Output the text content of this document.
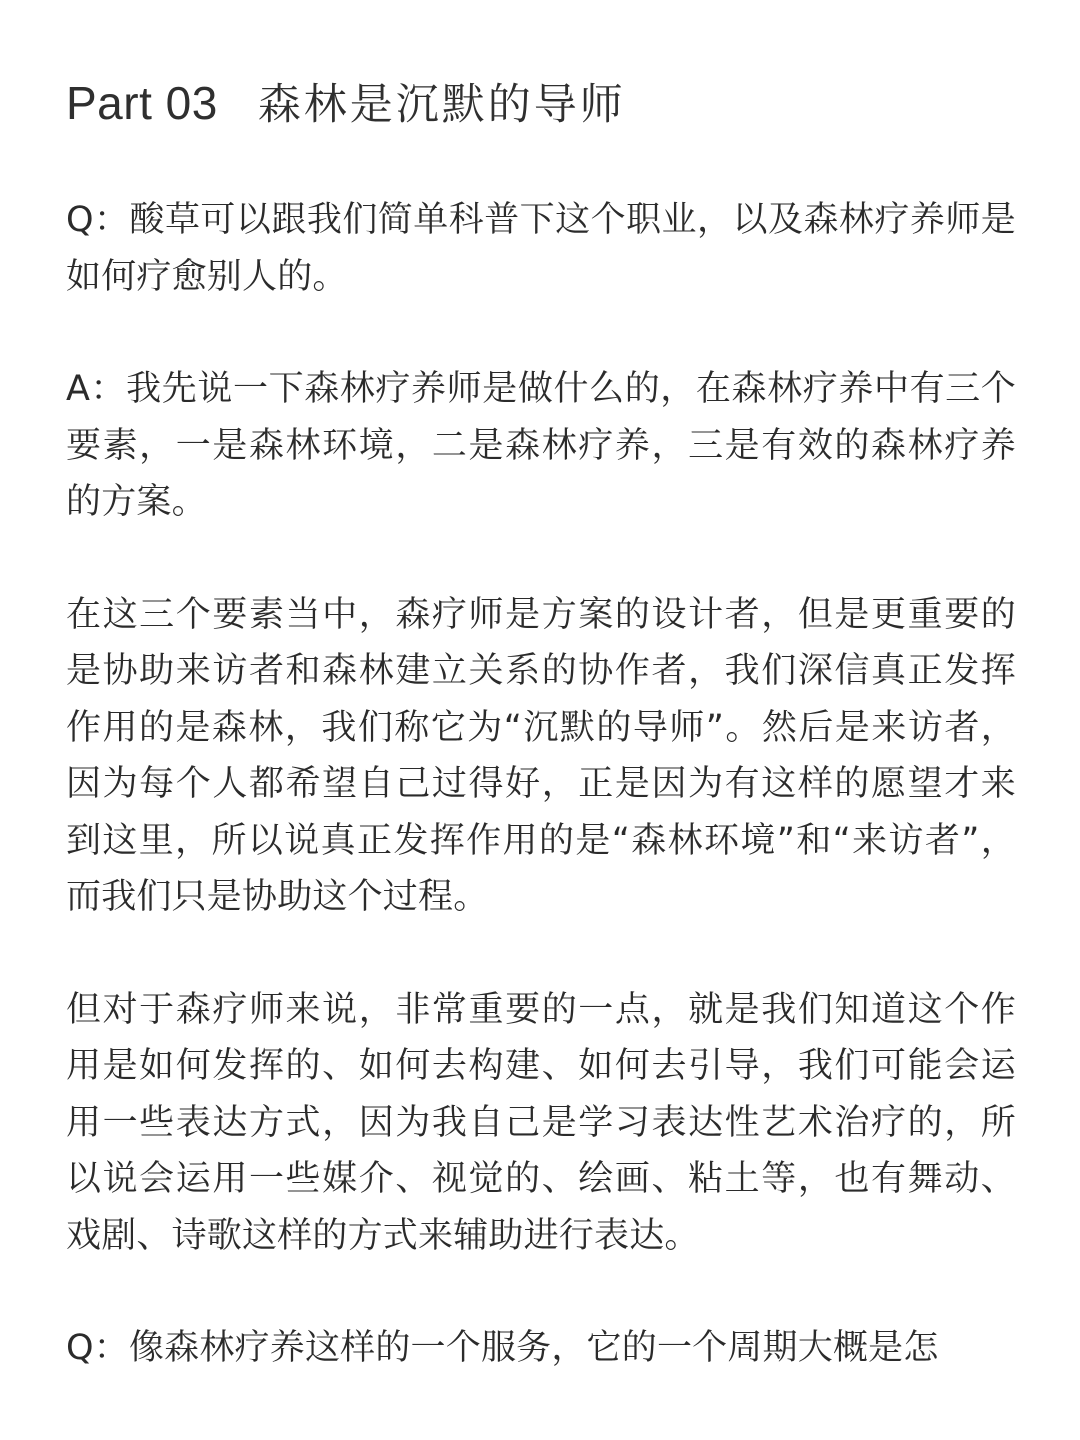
Part 03 森林是沉默的导师

Q：酸草可以跟我们简单科普下这个职业，以及森林疗养师是如何疗愈别人的。

A：我先说一下森林疗养师是做什么的，在森林疗养中有三个要素，一是森林环境，二是森林疗养，三是有效的森林疗养的方案。

在这三个要素当中，森疗师是方案的设计者，但是更重要的是协助来访者和森林建立关系的协作者，我们深信真正发挥作用的是森林，我们称它为“沉默的导师”。然后是来访者，因为每个人都希望自己过得好，正是因为有这样的愿望才来到这里，所以说真正发挥作用的是“森林环境”和“来访者”，而我们只是协助这个过程。

但对于森疗师来说，非常重要的一点，就是我们知道这个作用是如何发挥的、如何去构建、如何去引导，我们可能会运用一些表达方式，因为我自己是学习表达性艺术治疗的，所以说会运用一些媒介、视觉的、绘画、粘土等，也有舞动、戏剧、诗歌这样的方式来辅助进行表达。

Q：像森林疗养这样的一个服务，它的一个周期大概是怎
